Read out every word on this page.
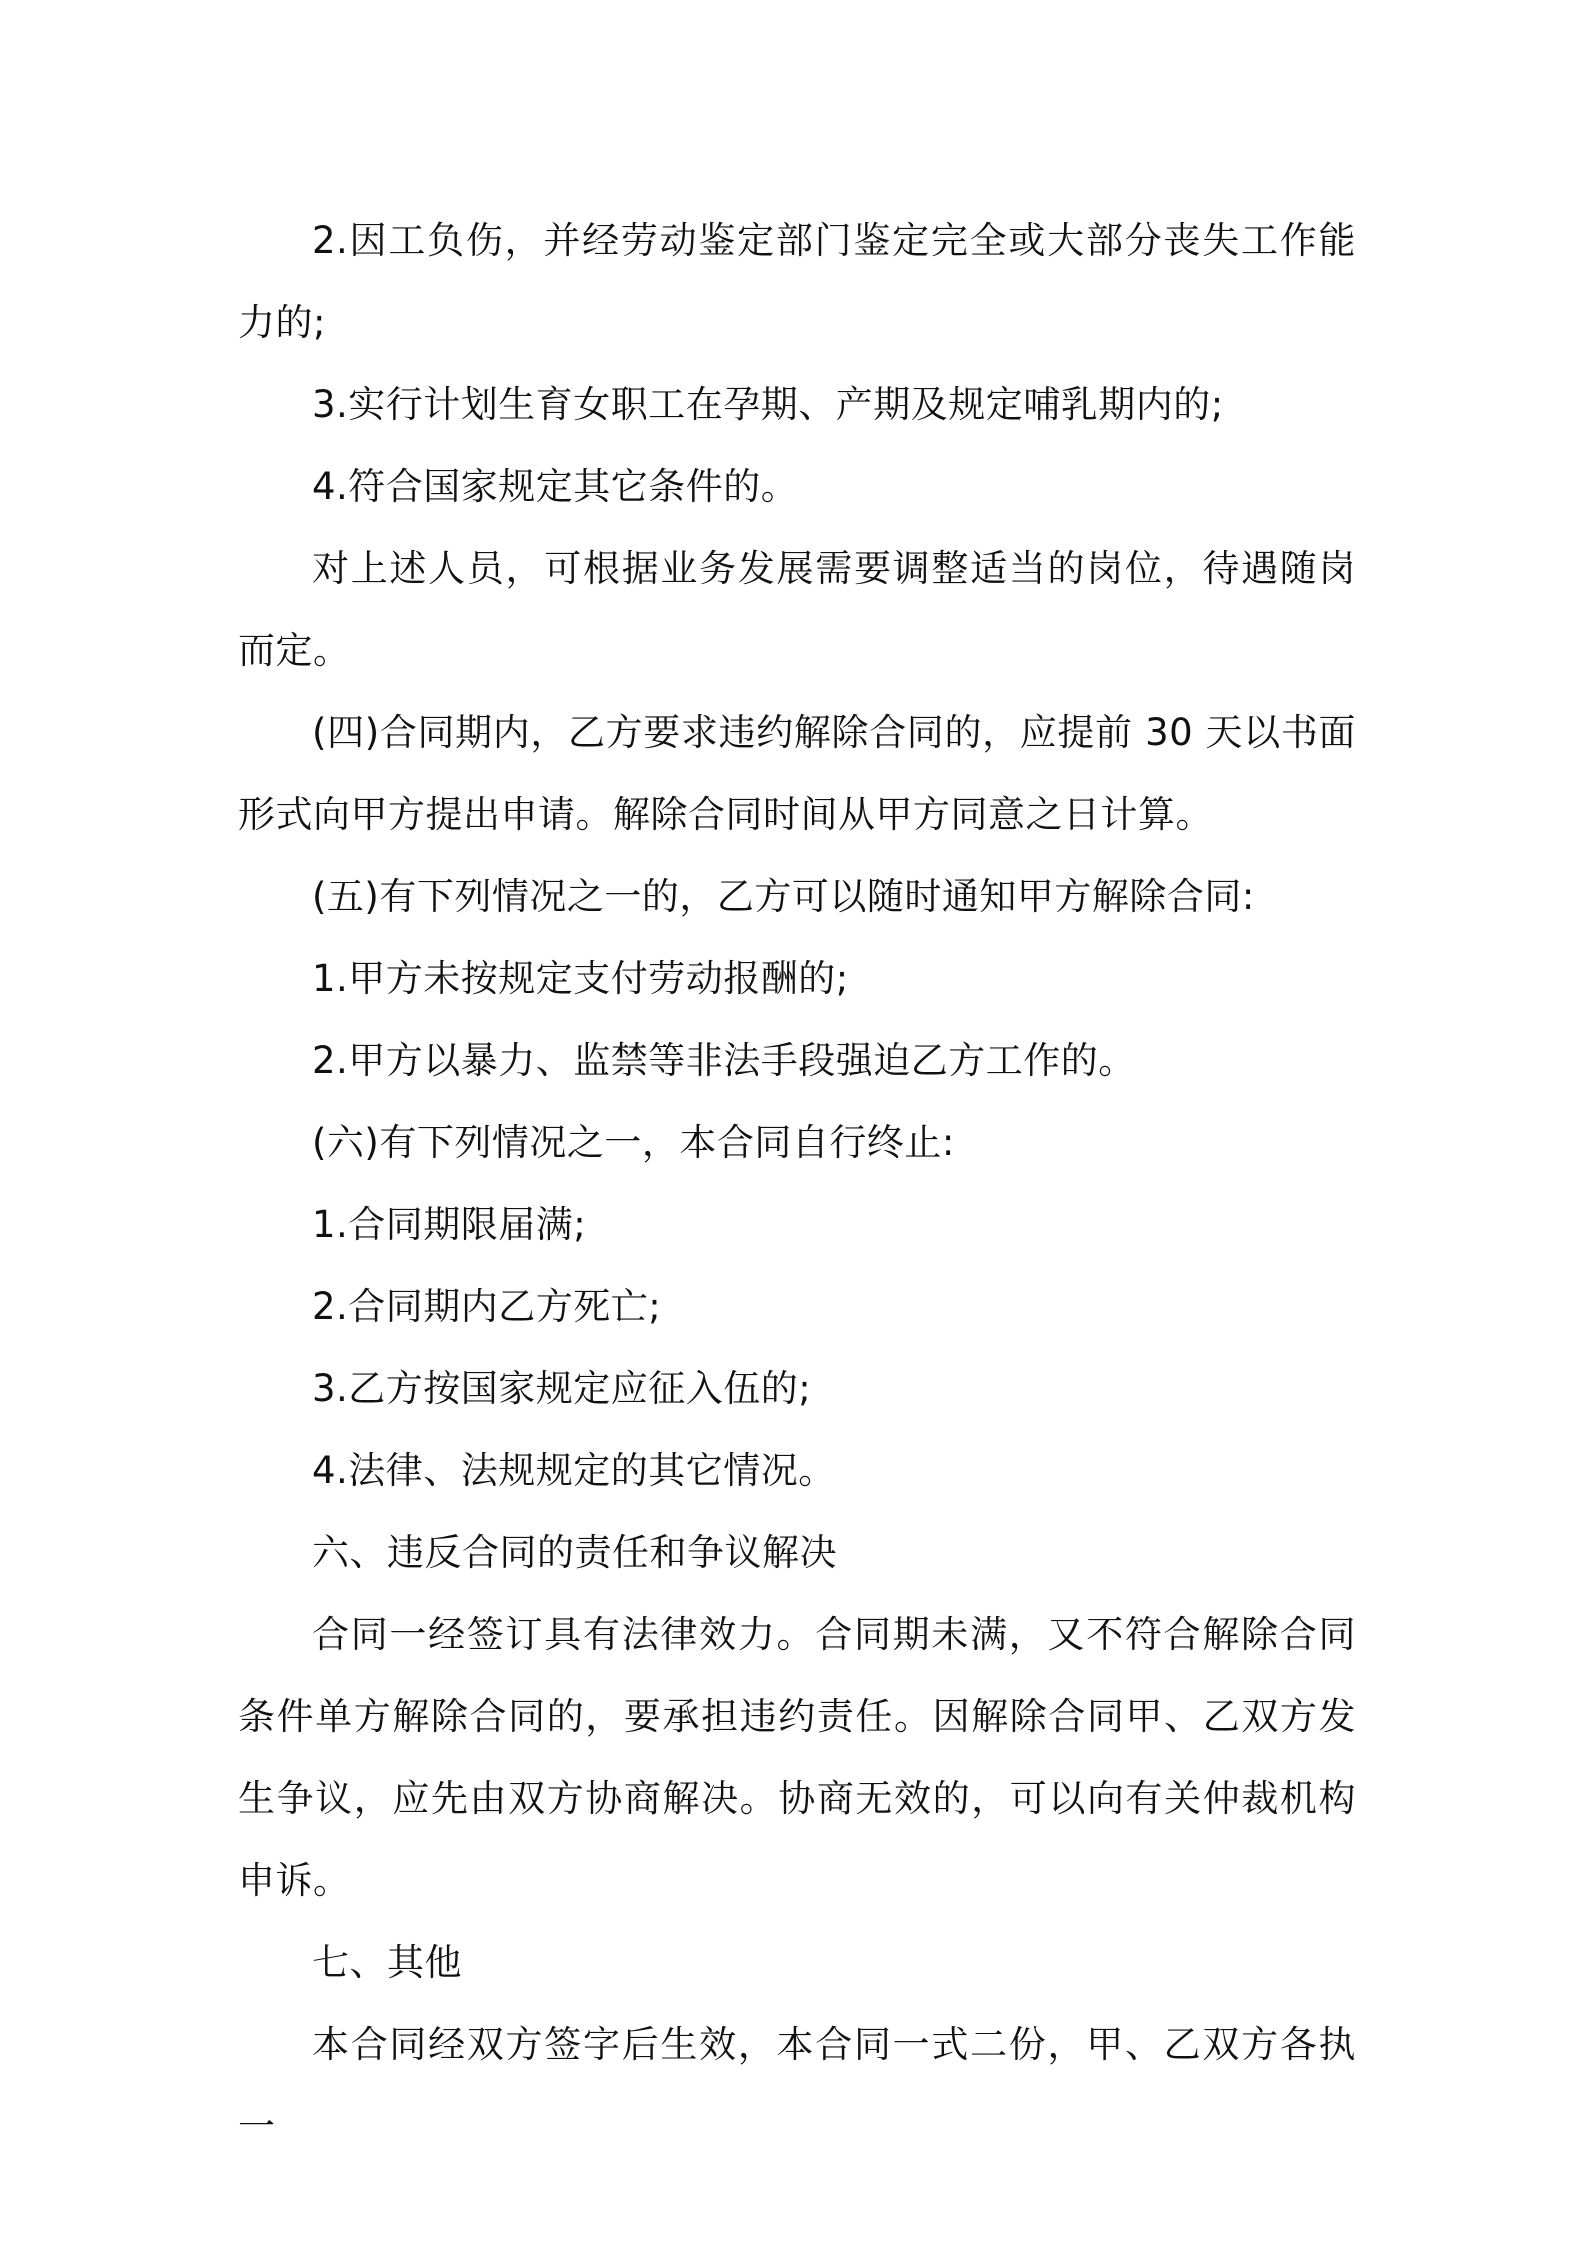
2.因工负伤，并经劳动鉴定部门鉴定完全或大部分丧失工作能力的;

3.实行计划生育女职工在孕期、产期及规定哺乳期内的;

4.符合国家规定其它条件的。

对上述人员，可根据业务发展需要调整适当的岗位，待遇随岗而定。

(四)合同期内，乙方要求违约解除合同的，应提前 30 天以书面形式向甲方提出申请。解除合同时间从甲方同意之日计算。

(五)有下列情况之一的，乙方可以随时通知甲方解除合同:

1.甲方未按规定支付劳动报酬的;

2.甲方以暴力、监禁等非法手段强迫乙方工作的。

(六)有下列情况之一，本合同自行终止:

1.合同期限届满;

2.合同期内乙方死亡;

3.乙方按国家规定应征入伍的;

4.法律、法规规定的其它情况。

六、违反合同的责任和争议解决

合同一经签订具有法律效力。合同期未满，又不符合解除合同条件单方解除合同的，要承担违约责任。因解除合同甲、乙双方发生争议，应先由双方协商解决。协商无效的，可以向有关仲裁机构申诉。

七、其他

本合同经双方签字后生效，本合同一式二份，甲、乙双方各执一
